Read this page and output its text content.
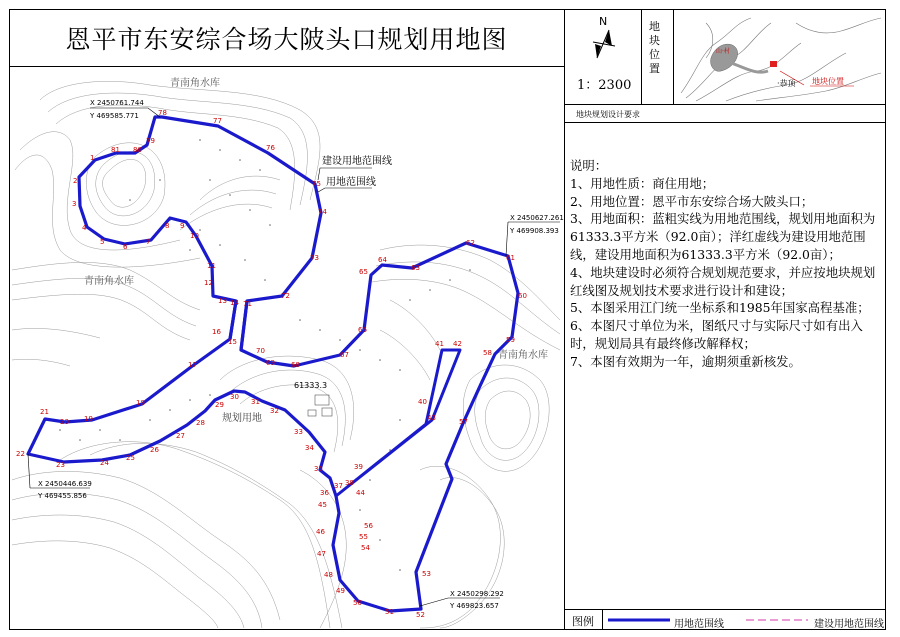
恩平市东安综合场大陂头口规划用地图
N
1：2300
地块位置
山·村
·恭顶 地块位置
地块规划设计要求
说明：
1、用地性质：商住用地；
2、用地位置：恩平市东安综合场大陂头口；
3、用地面积：蓝粗实线为用地范围线，规划用地面积为61333.3平方米（92.0亩）；洋红虚线为建设用地范围线，建设用地面积为61333.3平方米（92.0亩）；
4、地块建设时必须符合规划规范要求，并应按地块规划红线图及规划技术要求进行设计和建设；
5、本图采用江门统一坐标系和1985年国家高程基准；
6、本图尺寸单位为米，图纸尺寸与实际尺寸如有出入时，规划局具有最终修改解释权；
7、本图有效期为一年，逾期须重新核发。
图例	用地范围线	建设用地范围线
78
77
76
75
74
73
72
71
70
69 68
67
66
65
64
63
62
61
60
59
58
57
56
55
54
53
52
51
50
49
48
47
46
45
44
38
37
36
35
34
33
32
31
30
29
28
27
26
25
24
23
22
21
20 19
18
17
16
15
14
13
12
11
10
9
8
7
6
5
4
3
2
1
81 80
79
41 42
40
43
39
青南角水库
青南角水库
青南角水库
规划用地
61333.3
建设用地范围线
用地范围线
X 2450761.744
Y 469585.771
X 2450627.261
Y 469908.393
X 2450446.639
Y 469455.856
X 2450298.292
Y 469823.657
